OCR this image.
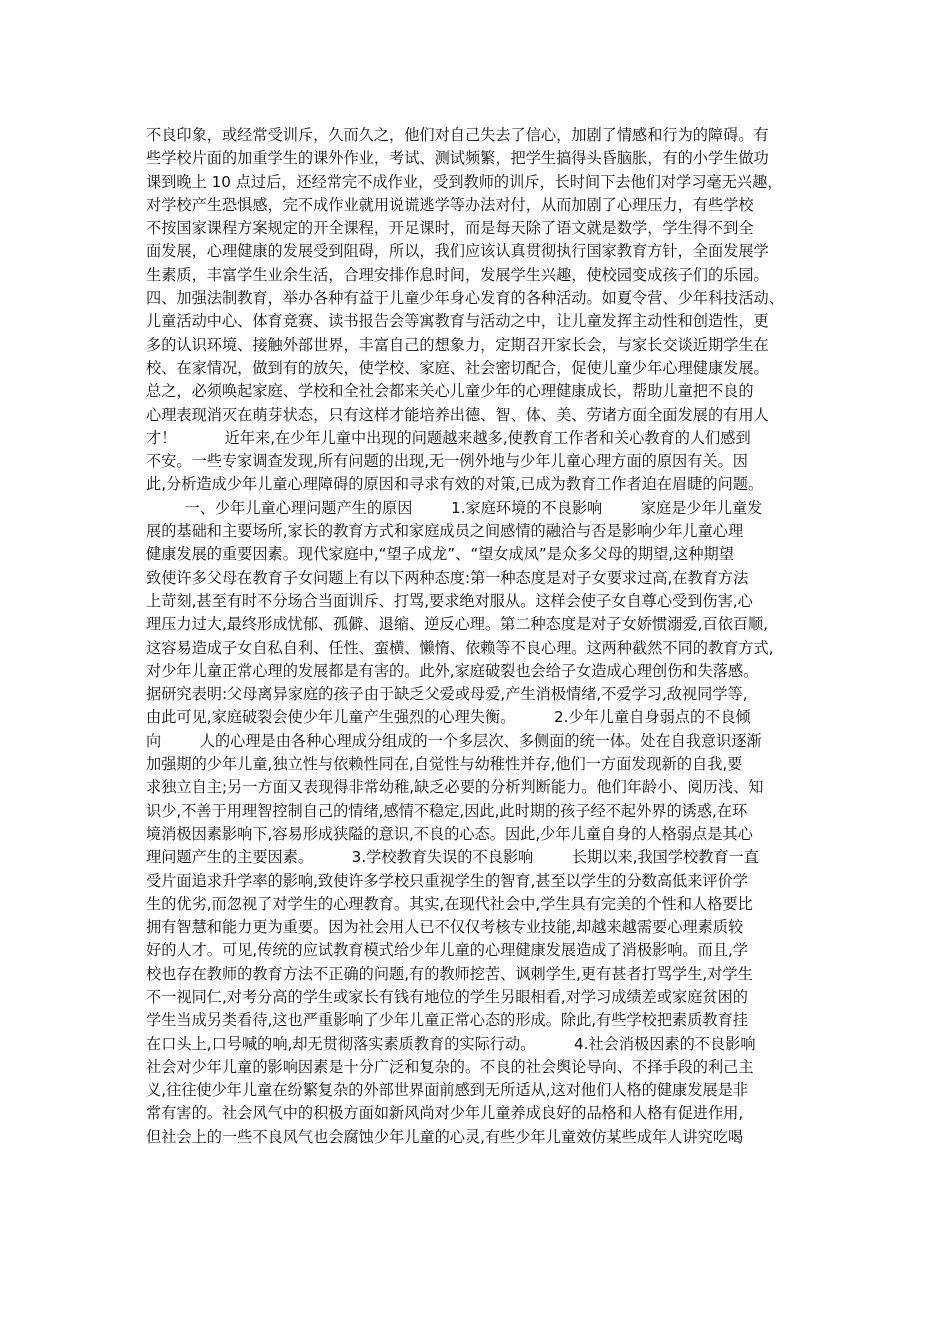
不良印象，或经常受训斥，久而久之，他们对自己失去了信心，加剧了情感和行为的障碍。有
些学校片面的加重学生的课外作业，考试、测试频繁，把学生搞得头昏脑胀，有的小学生做功
课到晚上 10 点过后，还经常完不成作业，受到教师的训斥，长时间下去他们对学习毫无兴趣，
对学校产生恐惧感，完不成作业就用说谎逃学等办法对付，从而加剧了心理压力，有些学校
不按国家课程方案规定的开全课程，开足课时，而是每天除了语文就是数学，学生得不到全
面发展，心理健康的发展受到阻碍，所以，我们应该认真贯彻执行国家教育方针，全面发展学
生素质，丰富学生业余生活，合理安排作息时间，发展学生兴趣，使校园变成孩子们的乐园。
四、加强法制教育，举办各种有益于儿童少年身心发育的各种活动。如夏令营、少年科技活动、
儿童活动中心、体育竞赛、读书报告会等寓教育与活动之中，让儿童发挥主动性和创造性，更
多的认识环境、接触外部世界，丰富自己的想象力，定期召开家长会，与家长交谈近期学生在
校、在家情况，做到有的放矢，使学校、家庭、社会密切配合，促使儿童少年心理健康发展。
总之，必须唤起家庭、学校和全社会都来关心儿童少年的心理健康成长，帮助儿童把不良的
心理表现消灭在萌芽状态，只有这样才能培养出德、智、体、美、劳诸方面全面发展的有用人
才！          近年来,在少年儿童中出现的问题越来越多,使教育工作者和关心教育的人们感到
不安。一些专家调查发现,所有问题的出现,无一例外地与少年儿童心理方面的原因有关。因
此,分析造成少年儿童心理障碍的原因和寻求有效的对策,已成为教育工作者迫在眉睫的问题。
一、少年儿童心理问题产生的原因        1.家庭环境的不良影响        家庭是少年儿童发
展的基础和主要场所,家长的教育方式和家庭成员之间感情的融洽与否是影响少年儿童心理
健康发展的重要因素。现代家庭中,“望子成龙”、“望女成凤”是众多父母的期望,这种期望
致使许多父母在教育子女问题上有以下两种态度:第一种态度是对子女要求过高,在教育方法
上苛刻,甚至有时不分场合当面训斥、打骂,要求绝对服从。这样会使子女自尊心受到伤害,心
理压力过大,最终形成忧郁、孤僻、退缩、逆反心理。第二种态度是对子女娇惯溺爱,百依百顺,
这容易造成子女自私自利、任性、蛮横、懒惰、依赖等不良心理。这两种截然不同的教育方式,
对少年儿童正常心理的发展都是有害的。此外,家庭破裂也会给子女造成心理创伤和失落感。
据研究表明:父母离异家庭的孩子由于缺乏父爱或母爱,产生消极情绪,不爱学习,敌视同学等,
由此可见,家庭破裂会使少年儿童产生强烈的心理失衡。        2.少年儿童自身弱点的不良倾
向        人的心理是由各种心理成分组成的一个多层次、多侧面的统一体。处在自我意识逐渐
加强期的少年儿童,独立性与依赖性同在,自觉性与幼稚性并存,他们一方面发现新的自我,要
求独立自主;另一方面又表现得非常幼稚,缺乏必要的分析判断能力。他们年龄小、阅历浅、知
识少,不善于用理智控制自己的情绪,感情不稳定,因此,此时期的孩子经不起外界的诱惑,在环
境消极因素影响下,容易形成狭隘的意识,不良的心态。因此,少年儿童自身的人格弱点是其心
理问题产生的主要因素。        3.学校教育失误的不良影响        长期以来,我国学校教育一直
受片面追求升学率的影响,致使许多学校只重视学生的智育,甚至以学生的分数高低来评价学
生的优劣,而忽视了对学生的心理教育。其实,在现代社会中,学生具有完美的个性和人格要比
拥有智慧和能力更为重要。因为社会用人已不仅仅考核专业技能,却越来越需要心理素质较
好的人才。可见,传统的应试教育模式给少年儿童的心理健康发展造成了消极影响。而且,学
校也存在教师的教育方法不正确的问题,有的教师挖苦、讽刺学生,更有甚者打骂学生,对学生
不一视同仁,对考分高的学生或家长有钱有地位的学生另眼相看,对学习成绩差或家庭贫困的
学生当成另类看待,这也严重影响了少年儿童正常心态的形成。除此,有些学校把素质教育挂
在口头上,口号喊的响,却无贯彻落实素质教育的实际行动。        4.社会消极因素的不良影响
社会对少年儿童的影响因素是十分广泛和复杂的。不良的社会舆论导向、不择手段的利己主
义,往往使少年儿童在纷繁复杂的外部世界面前感到无所适从,这对他们人格的健康发展是非
常有害的。社会风气中的积极方面如新风尚对少年儿童养成良好的品格和人格有促进作用,
但社会上的一些不良风气也会腐蚀少年儿童的心灵,有些少年儿童效仿某些成年人讲究吃喝
